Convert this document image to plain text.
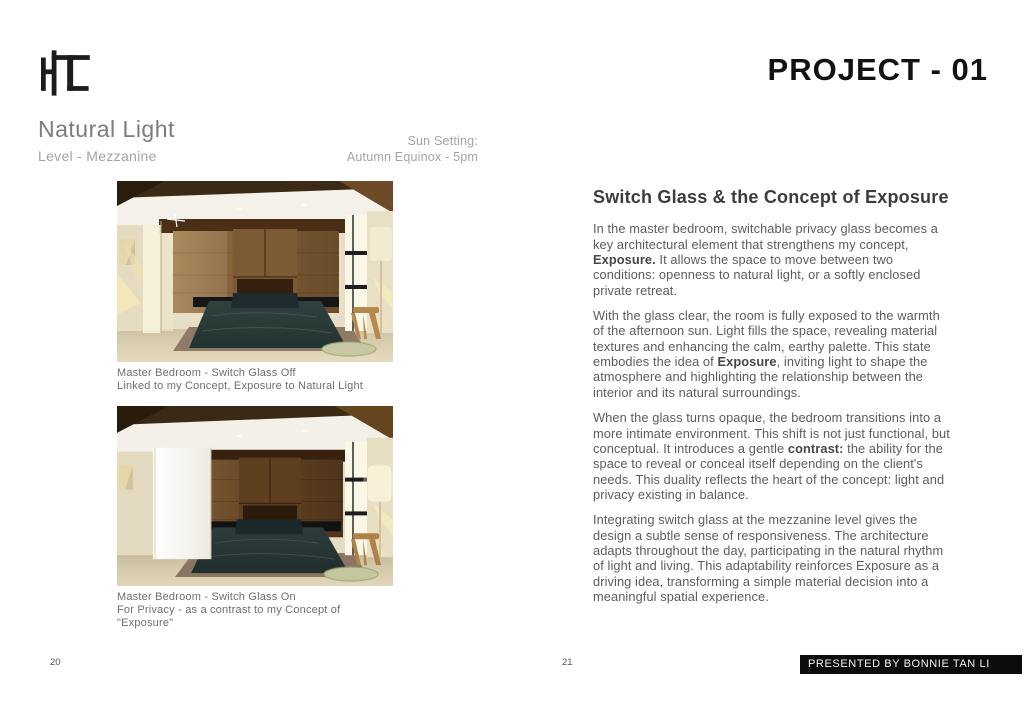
PROJECT - 01
Natural Light
Level - Mezzanine
Sun Setting:
Autumn Equinox - 5pm
Master Bedroom - Switch Glass Off
Linked to my Concept, Exposure to Natural Light
Master Bedroom - Switch Glass On
For Privacy - as a contrast to my Concept of "Exposure"
Switch Glass & the Concept of Exposure

In the master bedroom, switchable privacy glass becomes a key architectural element that strengthens my concept, Exposure. It allows the space to move between two conditions: openness to natural light, or a softly enclosed private retreat.

With the glass clear, the room is fully exposed to the warmth of the afternoon sun. Light fills the space, revealing material textures and enhancing the calm, earthy palette. This state embodies the idea of Exposure, inviting light to shape the atmosphere and highlighting the relationship between the interior and its natural surroundings.

When the glass turns opaque, the bedroom transitions into a more intimate environment. This shift is not just functional, but conceptual. It introduces a gentle contrast: the ability for the space to reveal or conceal itself depending on the client's needs. This duality reflects the heart of the concept: light and privacy existing in balance.

Integrating switch glass at the mezzanine level gives the design a subtle sense of responsiveness. The architecture adapts throughout the day, participating in the natural rhythm of light and living. This adaptability reinforces Exposure as a driving idea, transforming a simple material decision into a meaningful spatial experience.

20	21	PRESENTED BY BONNIE TAN LI
